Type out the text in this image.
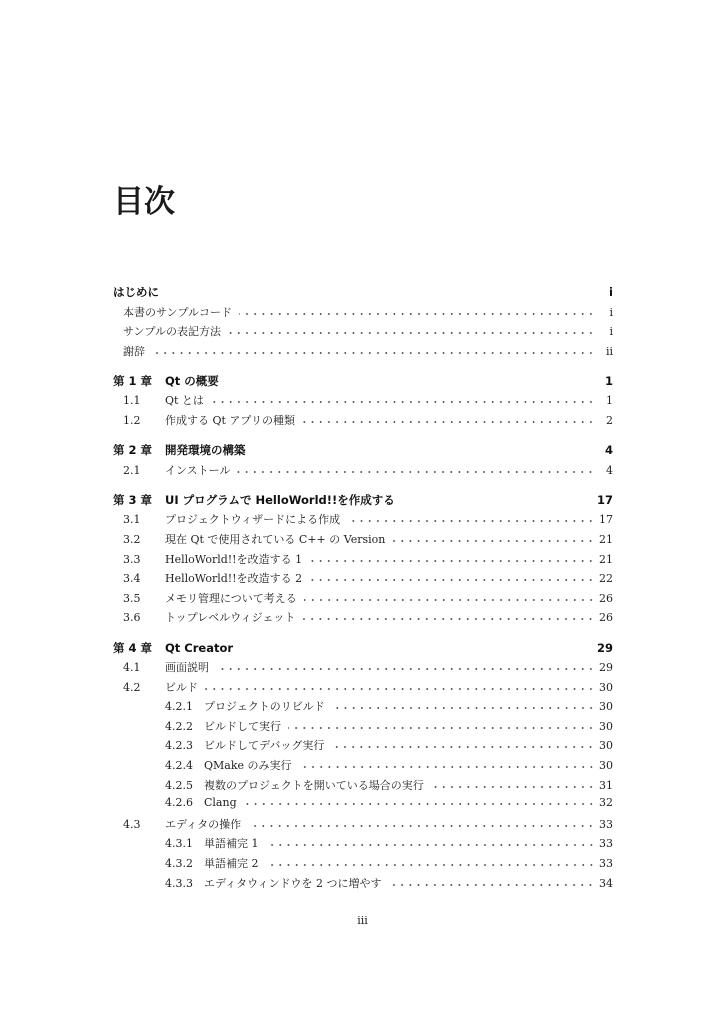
目次
はじめに	i
本書のサンプルコード	i
サンプルの表記方法	i
謝辞	ii
第 1 章	Qt の概要	1
1.1	Qt とは	1
1.2	作成する Qt アプリの種類	2
第 2 章	開発環境の構築	4
2.1	インストール	4
第 3 章	UI プログラムで HelloWorld!!を作成する	17
3.1	プロジェクトウィザードによる作成	17
3.2	現在 Qt で使用されている C++ の Version	21
3.3	HelloWorld!!を改造する 1	21
3.4	HelloWorld!!を改造する 2	22
3.5	メモリ管理について考える	26
3.6	トップレベルウィジェット	26
第 4 章	Qt Creator	29
4.1	画面説明	29
4.2	ビルド	30
4.2.1	プロジェクトのリビルド	30
4.2.2	ビルドして実行	30
4.2.3	ビルドしてデバッグ実行	30
4.2.4	QMake のみ実行	30
4.2.5	複数のプロジェクトを開いている場合の実行	31
4.2.6	Clang	32
4.3	エディタの操作	33
4.3.1	単語補完 1	33
4.3.2	単語補完 2	33
4.3.3	エディタウィンドウを 2 つに増やす	34
iii
